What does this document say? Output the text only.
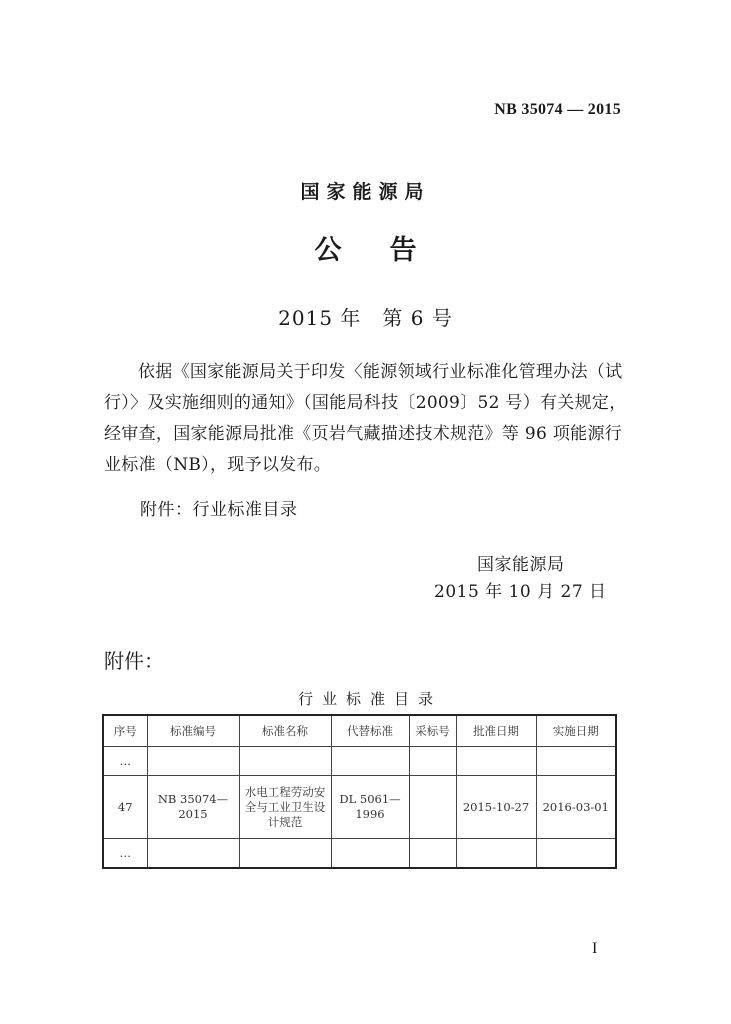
NB 35074 — 2015
国家能源局
公告
2015 年　第 6 号

依据《国家能源局关于印发〈能源领域行业标准化管理办法（试行）〉及实施细则的通知》（国能局科技〔2009〕52 号）有关规定，经审查，国家能源局批准《页岩气藏描述技术规范》等 96 项能源行业标准（NB），现予以发布。

附件：行业标准目录
国家能源局
2015 年 10 月 27 日
附件：
行业标准目录
序号	标准编号	标准名称	代替标准	采标号	批准日期	实施日期
…						
47	NB 35074—2015	水电工程劳动安全与工业卫生设计规范	DL 5061—1996		2015-10-27	2016-03-01
…						
I
